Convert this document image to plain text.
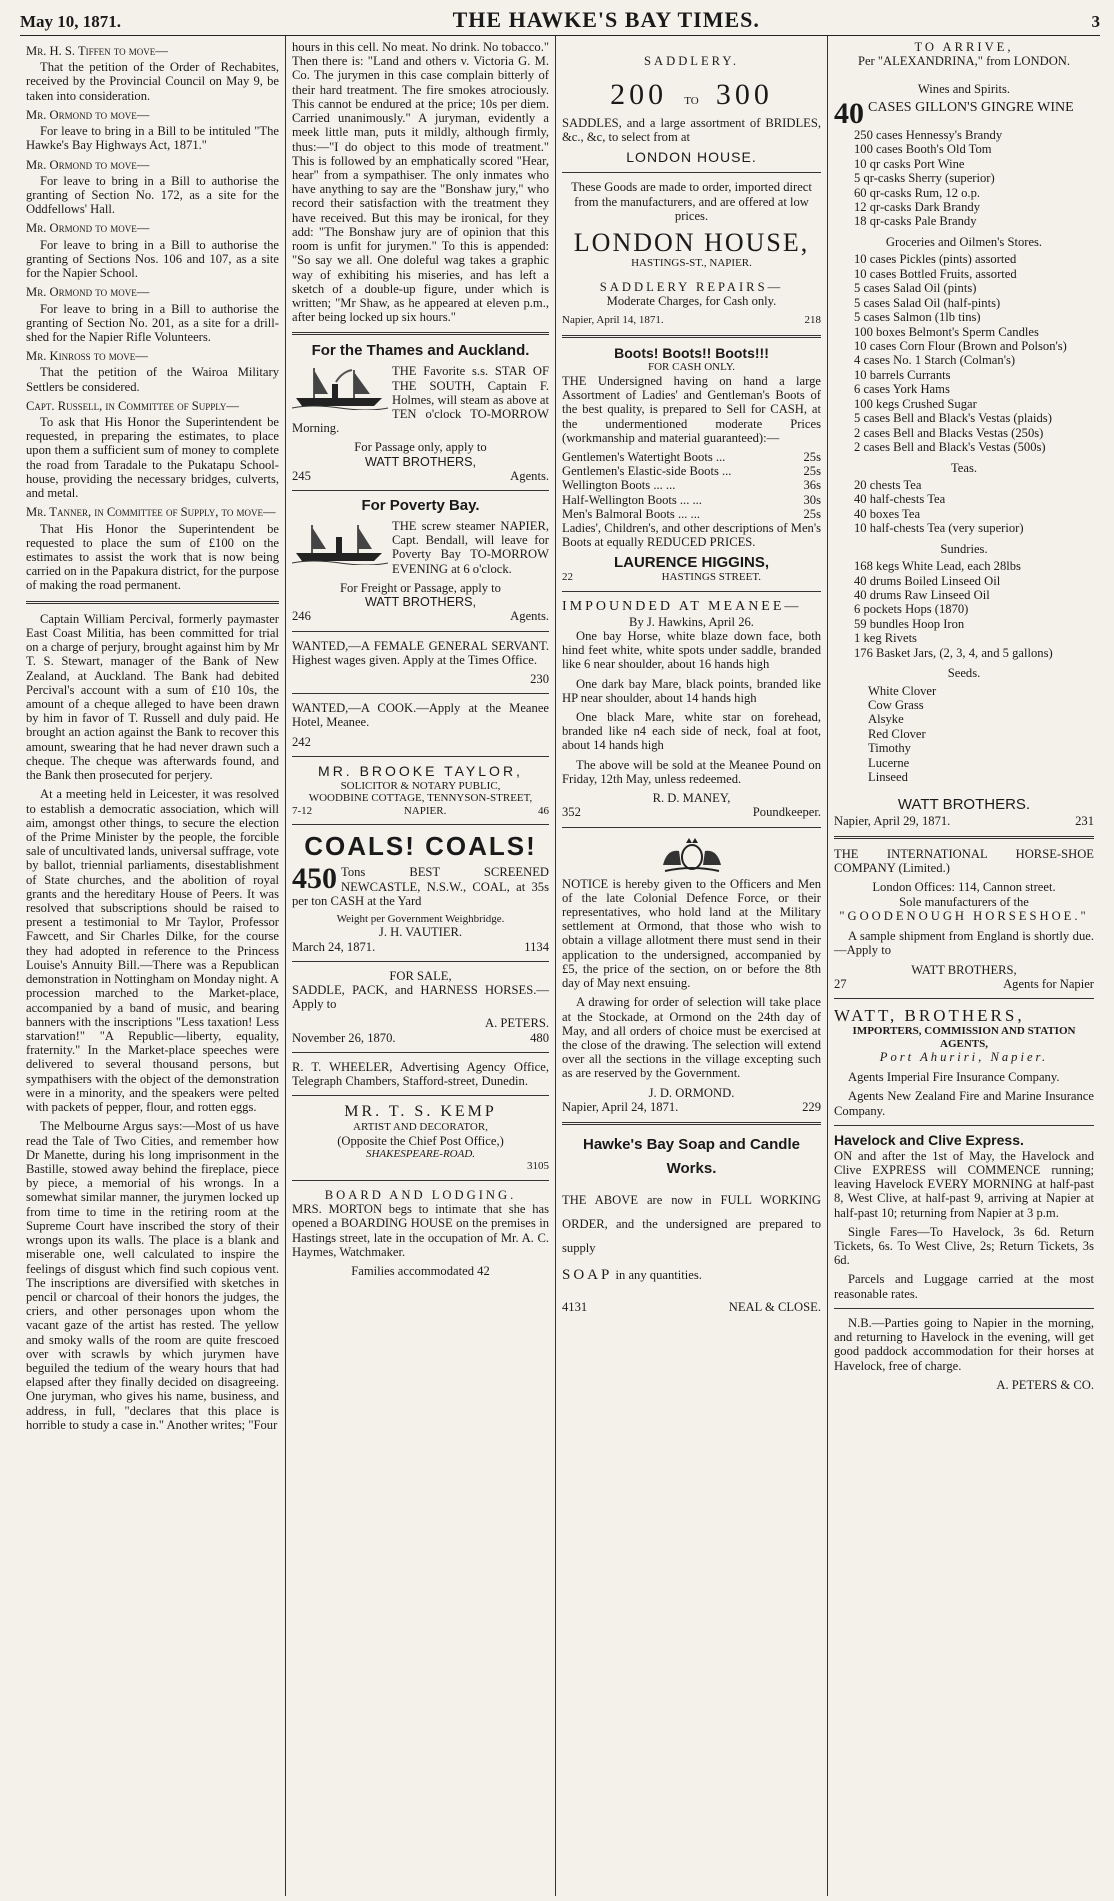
May 10, 1871.	THE HAWKE'S BAY TIMES.	3
Mr. H. S. Tiffen to move—

That the petition of the Order of Rechabites, received by the Provincial Council on May 9, be taken into consideration.

Mr. Ormond to move—

For leave to bring in a Bill to be intituled "The Hawke's Bay Highways Act, 1871."

Mr. Ormond to move—

For leave to bring in a Bill to authorise the granting of Section No. 172, as a site for the Oddfellows' Hall.

Mr. Ormond to move—

For leave to bring in a Bill to authorise the granting of Sections Nos. 106 and 107, as a site for the Napier School.

Mr. Ormond to move—

For leave to bring in a Bill to authorise the granting of Section No. 201, as a site for a drill-shed for the Napier Rifle Volunteers.

Mr. Kinross to move—

That the petition of the Wairoa Military Settlers be considered.

Capt. Russell, in Committee of Supply—

To ask that His Honor the Superintendent be requested, in preparing the estimates, to place upon them a sufficient sum of money to complete the road from Taradale to the Pukatapu School-house, providing the necessary bridges, culverts, and metal.

Mr. Tanner, in Committee of Supply, to move—

That His Honor the Superintendent be requested to place the sum of £100 on the estimates to assist the work that is now being carried on in the Papakura district, for the purpose of making the road permanent.

Captain William Percival, formerly paymaster East Coast Militia, has been committed for trial on a charge of perjury, brought against him by Mr T. S. Stewart, manager of the Bank of New Zealand, at Auckland. The Bank had debited Percival's account with a sum of £10 10s, the amount of a cheque alleged to have been drawn by him in favor of T. Russell and duly paid. He brought an action against the Bank to recover this amount, swearing that he had never drawn such a cheque. The cheque was afterwards found, and the Bank then prosecuted for perjery.

At a meeting held in Leicester, it was resolved to establish a democratic association, which will aim, amongst other things, to secure the election of the Prime Minister by the people, the forcible sale of uncultivated lands, universal suffrage, vote by ballot, triennial parliaments, disestablishment of State churches, and the abolition of royal grants and the hereditary House of Peers. It was resolved that subscriptions should be raised to present a testimonial to Mr Taylor, Professor Fawcett, and Sir Charles Dilke, for the course they had adopted in reference to the Princess Louise's Annuity Bill.—There was a Republican demonstration in Nottingham on Monday night. A procession marched to the Market-place, accompanied by a band of music, and bearing banners with the inscriptions "Less taxation! Less starvation!" "A Republic—liberty, equality, fraternity." In the Market-place speeches were delivered to several thousand persons, but sympathisers with the object of the demonstration were in a minority, and the speakers were pelted with packets of pepper, flour, and rotten eggs.

The Melbourne Argus says:—Most of us have read the Tale of Two Cities, and remember how Dr Manette, during his long imprisonment in the Bastille, stowed away behind the fireplace, piece by piece, a memorial of his wrongs. In a somewhat similar manner, the jurymen locked up from time to time in the retiring room at the Supreme Court have inscribed the story of their wrongs upon its walls. The place is a blank and miserable one, well calculated to inspire the feelings of disgust which find such copious vent. The inscriptions are diversified with sketches in pencil or charcoal of their honors the judges, the criers, and other personages upon whom the vacant gaze of the artist has rested. The yellow and smoky walls of the room are quite frescoed over with scrawls by which jurymen have beguiled the tedium of the weary hours that had elapsed after they finally decided on disagreeing. One juryman, who gives his name, business, and address, in full, "declares that this place is horrible to study a case in." Another writes; "Four

hours in this cell. No meat. No drink. No tobacco." Then there is: "Land and others v. Victoria G. M. Co. The jurymen in this case complain bitterly of their hard treatment. The fire smokes atrociously. This cannot be endured at the price; 10s per diem. Carried unanimously." A juryman, evidently a meek little man, puts it mildly, although firmly, thus:—"I do object to this mode of treatment." This is followed by an emphatically scored "Hear, hear" from a sympathiser. The only inmates who have anything to say are the "Bonshaw jury," who record their satisfaction with the treatment they have received. But this may be ironical, for they add: "The Bonshaw jury are of opinion that this room is unfit for jurymen." To this is appended: "So say we all. One doleful wag takes a graphic way of exhibiting his miseries, and has left a sketch of a double-up figure, under which is written; "Mr Shaw, as he appeared at eleven p.m., after being locked up six hours."

For the Thames and Auckland.

THE Favorite s.s. STAR OF THE SOUTH, Captain F. Holmes, will steam as above at TEN o'clock TO-MORROW Morning.

For Passage only, apply to
WATT BROTHERS,
245	Agents.
For Poverty Bay.

THE screw steamer NAPIER, Capt. Bendall, will leave for Poverty Bay TO-MORROW EVENING at 6 o'clock.

For Freight or Passage, apply to
WATT BROTHERS,
246	Agents.

WANTED,—A FEMALE GENERAL SERVANT. Highest wages given. Apply at the Times Office.

230

WANTED,—A COOK.—Apply at the Meanee Hotel, Meanee.

242
MR. BROOKE TAYLOR,
SOLICITOR & NOTARY PUBLIC,
WOODBINE COTTAGE, TENNYSON-STREET,
7-12	NAPIER.	46
COALS! COALS!
450 Tons BEST SCREENED NEWCASTLE, N.S.W., COAL, at 35s per ton CASH at the Yard

Weight per Government Weighbridge.
J. H. VAUTIER.
March 24, 1871.	1134
FOR SALE,

SADDLE, PACK, and HARNESS HORSES.—Apply to

A. PETERS.
November 26, 1870.	480

R. T. WHEELER, Advertising Agency Office, Telegraph Chambers, Stafford-street, Dunedin.

MR. T. S. KEMP
ARTIST AND DECORATOR,
(Opposite the Chief Post Office,)
SHAKESPEARE-ROAD.
3105
BOARD AND LODGING.

MRS. MORTON begs to intimate that she has opened a BOARDING HOUSE on the premises in Hastings street, late in the occupation of Mr. A. C. Haymes, Watchmaker.

Families accommodated 42
SADDLERY.
200 TO 300

SADDLES, and a large assortment of BRIDLES, &c., &c, to select from at

LONDON HOUSE.

These Goods are made to order, imported direct from the manufacturers, and are offered at low prices.

LONDON HOUSE,
HASTINGS-ST., NAPIER.
SADDLERY REPAIRS—
Moderate Charges, for Cash only.
Napier, April 14, 1871.	218
Boots! Boots!! Boots!!!
FOR CASH ONLY.

THE Undersigned having on hand a large Assortment of Ladies' and Gentleman's Boots of the best quality, is prepared to Sell for CASH, at the undermentioned moderate Prices (workmanship and material guaranteed):—

Gentlemen's Watertight Boots ...	25s
Gentlemen's Elastic-side Boots ...	25s
Wellington Boots ... ...	36s
Half-Wellington Boots ... ...	30s
Men's Balmoral Boots ... ...	25s

Ladies', Children's, and other descriptions of Men's Boots at equally REDUCED PRICES.

LAURENCE HIGGINS,
22	HASTINGS STREET.
IMPOUNDED AT MEANEE—
By J. Hawkins, April 26.

One bay Horse, white blaze down face, both hind feet white, white spots under saddle, branded like 6 near shoulder, about 16 hands high

One dark bay Mare, black points, branded like HP near shoulder, about 14 hands high

One black Mare, white star on forehead, branded like n4 each side of neck, foal at foot, about 14 hands high

The above will be sold at the Meanee Pound on Friday, 12th May, unless redeemed.

R. D. MANEY,
352	Poundkeeper.

NOTICE is hereby given to the Officers and Men of the late Colonial Defence Force, or their representatives, who hold land at the Military settlement at Ormond, that those who wish to obtain a village allotment there must send in their application to the undersigned, accompanied by £5, the price of the section, on or before the 8th day of May next ensuing.

A drawing for order of selection will take place at the Stockade, at Ormond on the 24th day of May, and all orders of choice must be exercised at the close of the drawing. The selection will extend over all the sections in the village excepting such as are reserved by the Government.

J. D. ORMOND.
Napier, April 24, 1871.	229
Hawke's Bay Soap and Candle Works.

THE ABOVE are now in FULL WORKING ORDER, and the undersigned are prepared to supply

SOAP in any quantities.
4131	NEAL & CLOSE.
TO ARRIVE,
Per "ALEXANDRINA," from LONDON.
Wines and Spirits.
40 CASES GILLON'S GINGRE WINE
250 cases Hennessy's Brandy
100 cases Booth's Old Tom
10 qr casks Port Wine
5 qr-casks Sherry (superior)
60 qr-casks Rum, 12 o.p.
12 qr-casks Dark Brandy
18 qr-casks Pale Brandy
Groceries and Oilmen's Stores.
10 cases Pickles (pints) assorted
10 cases Bottled Fruits, assorted
5 cases Salad Oil (pints)
5 cases Salad Oil (half-pints)
5 cases Salmon (1lb tins)
100 boxes Belmont's Sperm Candles
10 cases Corn Flour (Brown and Polson's)
4 cases No. 1 Starch (Colman's)
10 barrels Currants
6 cases York Hams
100 kegs Crushed Sugar
5 cases Bell and Black's Vestas (plaids)
2 cases Bell and Blacks Vestas (250s)
2 cases Bell and Black's Vestas (500s)
Teas.
20 chests Tea
40 half-chests Tea
40 boxes Tea
10 half-chests Tea (very superior)
Sundries.
168 kegs White Lead, each 28lbs
40 drums Boiled Linseed Oil
40 drums Raw Linseed Oil
6 pockets Hops (1870)
59 bundles Hoop Iron
1 keg Rivets
176 Basket Jars, (2, 3, 4, and 5 gallons)
Seeds.
White Clover
Cow Grass
Alsyke
Red Clover
Timothy
Lucerne
Linseed
WATT BROTHERS.
Napier, April 29, 1871.	231

THE INTERNATIONAL HORSE-SHOE COMPANY (Limited.)

London Offices: 114, Cannon street.
Sole manufacturers of the
"GOODENOUGH HORSESHOE."

A sample shipment from England is shortly due.—Apply to

WATT BROTHERS,
27	Agents for Napier
WATT, BROTHERS,
IMPORTERS, COMMISSION AND STATION AGENTS,
Port Ahuriri, Napier.

Agents Imperial Fire Insurance Company.

Agents New Zealand Fire and Marine Insurance Company.

Havelock and Clive Express.

ON and after the 1st of May, the Havelock and Clive EXPRESS will COMMENCE running; leaving Havelock EVERY MORNING at half-past 8, West Clive, at half-past 9, arriving at Napier at half-past 10; returning from Napier at 3 p.m.

Single Fares—To Havelock, 3s 6d. Return Tickets, 6s. To West Clive, 2s; Return Tickets, 3s 6d.

Parcels and Luggage carried at the most reasonable rates.

N.B.—Parties going to Napier in the morning, and returning to Havelock in the evening, will get good paddock accommodation for their horses at Havelock, free of charge.

A. PETERS & CO.
